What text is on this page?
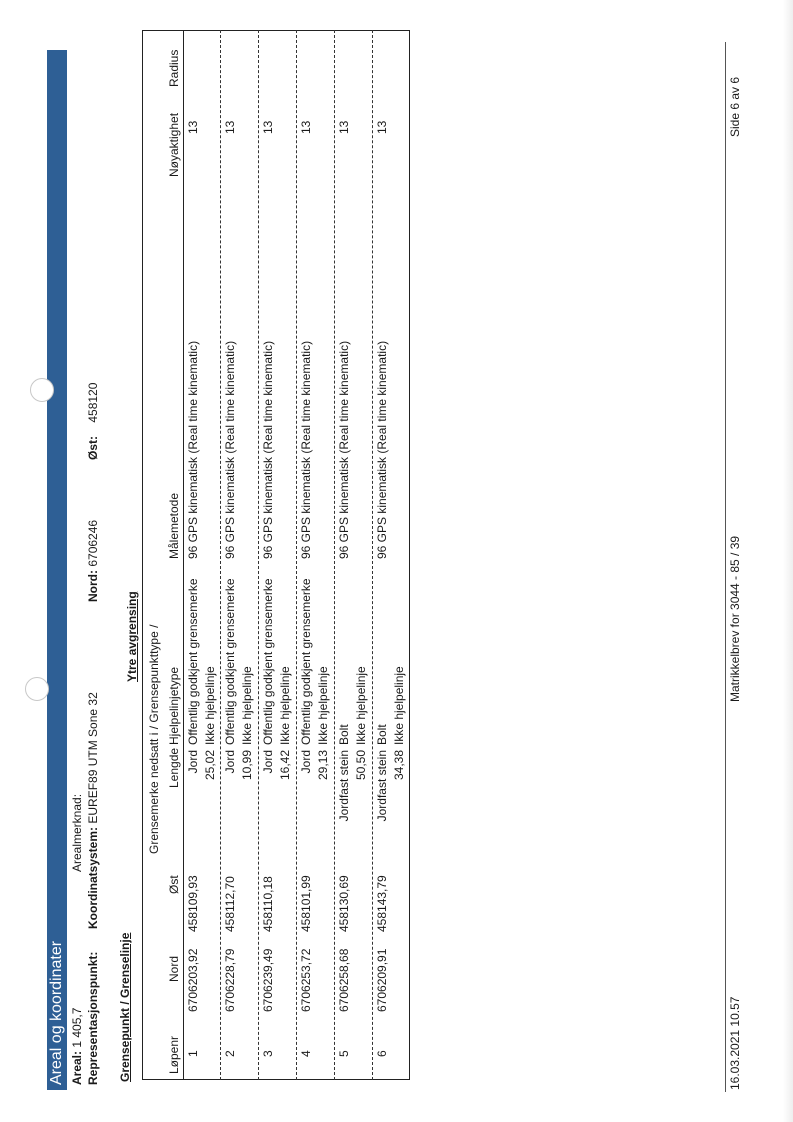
Areal og koordinater Areal: 1 405,7
Arealmerknad:
Representasjonspunkt:
Koordinatsystem: EUREF89 UTM Sone 32
Nord: 6706246
Øst: 458120
Grensepunkt / Grenselinje
Ytre avgrensing
Løpenr
Nord
Øst
Grensemerke nedsatt i / Grensepunkttype / Lengde
Hjelpelinjetype
Målemetode
Nøyaktighet
Radius
1
6706203,92
458109,93
Jord
Offentlig godkjent grensemerke
96 GPS kinematisk (Real time kinematic)
13
25,02
Ikke hjelpelinje
2
6706228,79
458112,70
Jord
Offentlig godkjent grensemerke
96 GPS kinematisk (Real time kinematic)
13
10,99
Ikke hjelpelinje
3
6706239,49
458110,18
Jord
Offentlig godkjent grensemerke
96 GPS kinematisk (Real time kinematic)
13
16,42
Ikke hjelpelinje
4
6706253,72
458101,99
Jord
Offentlig godkjent grensemerke
96 GPS kinematisk (Real time kinematic)
13
29,13
Ikke hjelpelinje
5
6706258,68
458130,69
Jordfast stein
Bolt
96 GPS kinematisk (Real time kinematic)
13
50,50
Ikke hjelpelinje
6
6706209,91
458143,79
Jordfast stein
Bolt
96 GPS kinematisk (Real time kinematic)
13
34,38
Ikke hjelpelinje
16.03.2021 10.57
Matrikkelbrev for 3044 - 85 / 39
Side 6 av 6
